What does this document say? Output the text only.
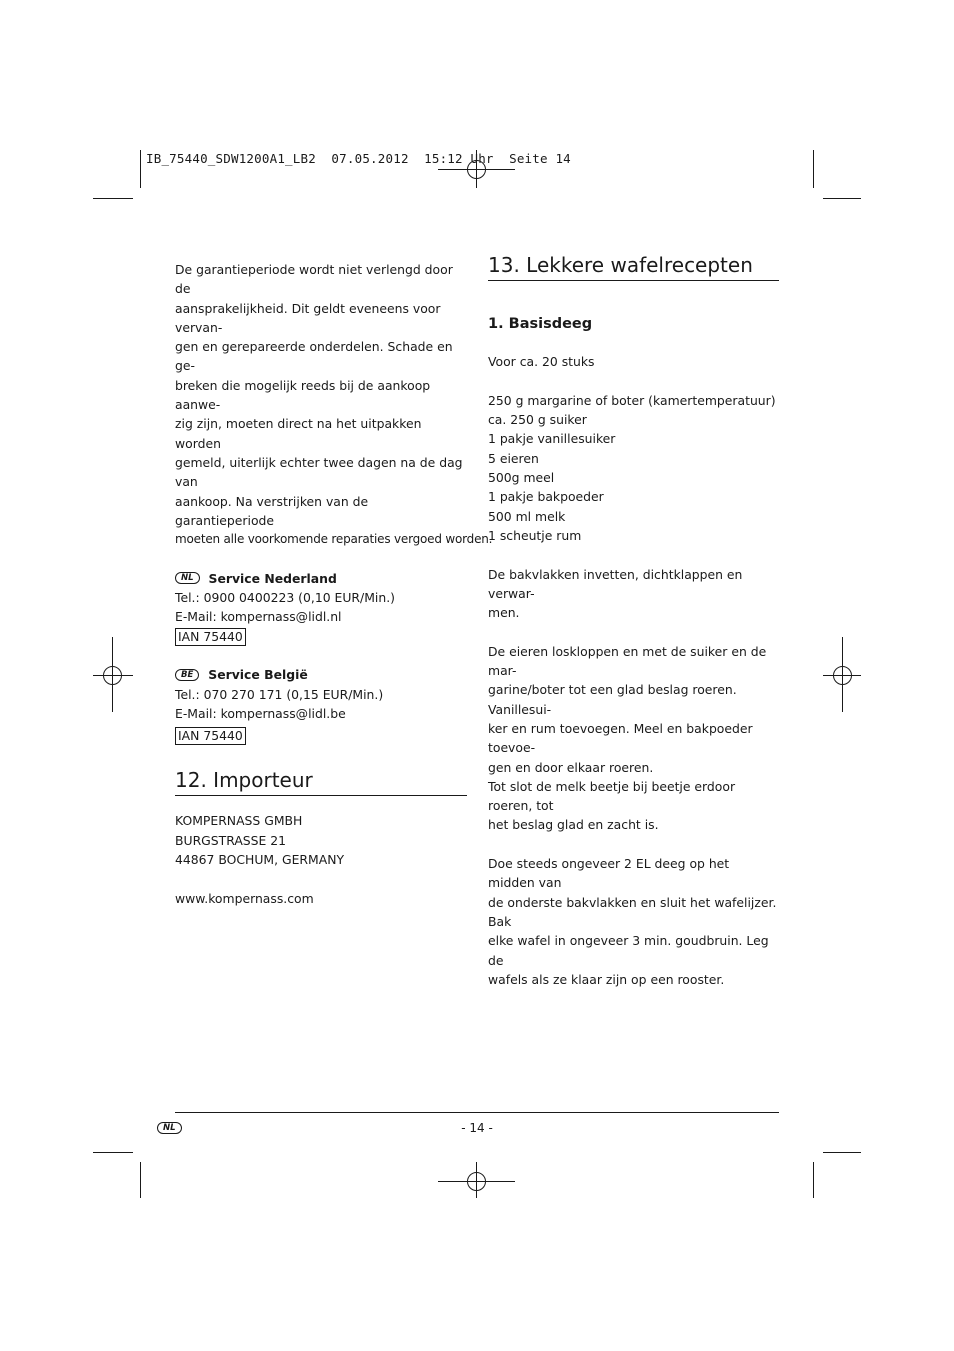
IB_75440_SDW1200A1_LB2  07.05.2012  15:12 Uhr  Seite 14

De garantieperiode wordt niet verlengd door de

aansprakelijkheid. Dit geldt eveneens voor vervan-

gen en gerepareerde onderdelen. Schade en ge-

breken die mogelijk reeds bij de aankoop aanwe-

zig zijn, moeten direct na het uitpakken worden

gemeld, uiterlijk echter twee dagen na de dag van

aankoop. Na verstrijken van de garantieperiode

moeten alle voorkomende reparaties vergoed worden.

NL	Service Nederland

Tel.: 0900 0400223 (0,10 EUR/Min.)

E-Mail: kompernass@lidl.nl

IAN 75440

BE	Service België

Tel.: 070 270 171 (0,15 EUR/Min.)

E-Mail: kompernass@lidl.be

IAN 75440

12. Importeur

KOMPERNASS GMBH

BURGSTRASSE 21

44867 BOCHUM, GERMANY

www.kompernass.com

13. Lekkere wafelrecepten
1. Basisdeeg

Voor ca. 20 stuks

250 g margarine of boter (kamertemperatuur)

ca. 250 g suiker

1 pakje vanillesuiker

5 eieren

500g meel

1 pakje bakpoeder

500 ml melk

1 scheutje rum

De bakvlakken invetten, dichtklappen en verwar-

men.

De eieren loskloppen en met de suiker en de mar-

garine/boter tot een glad beslag roeren. Vanillesui-

ker en rum toevoegen. Meel en bakpoeder toevoe-

gen en door elkaar roeren.

Tot slot de melk beetje bij beetje erdoor roeren, tot

het beslag glad en zacht is.

Doe steeds ongeveer 2 EL deeg op het midden van

de onderste bakvlakken en sluit het wafelijzer. Bak

elke wafel in ongeveer 3 min. goudbruin. Leg de

wafels als ze klaar zijn op een rooster.

NL	- 14 -
